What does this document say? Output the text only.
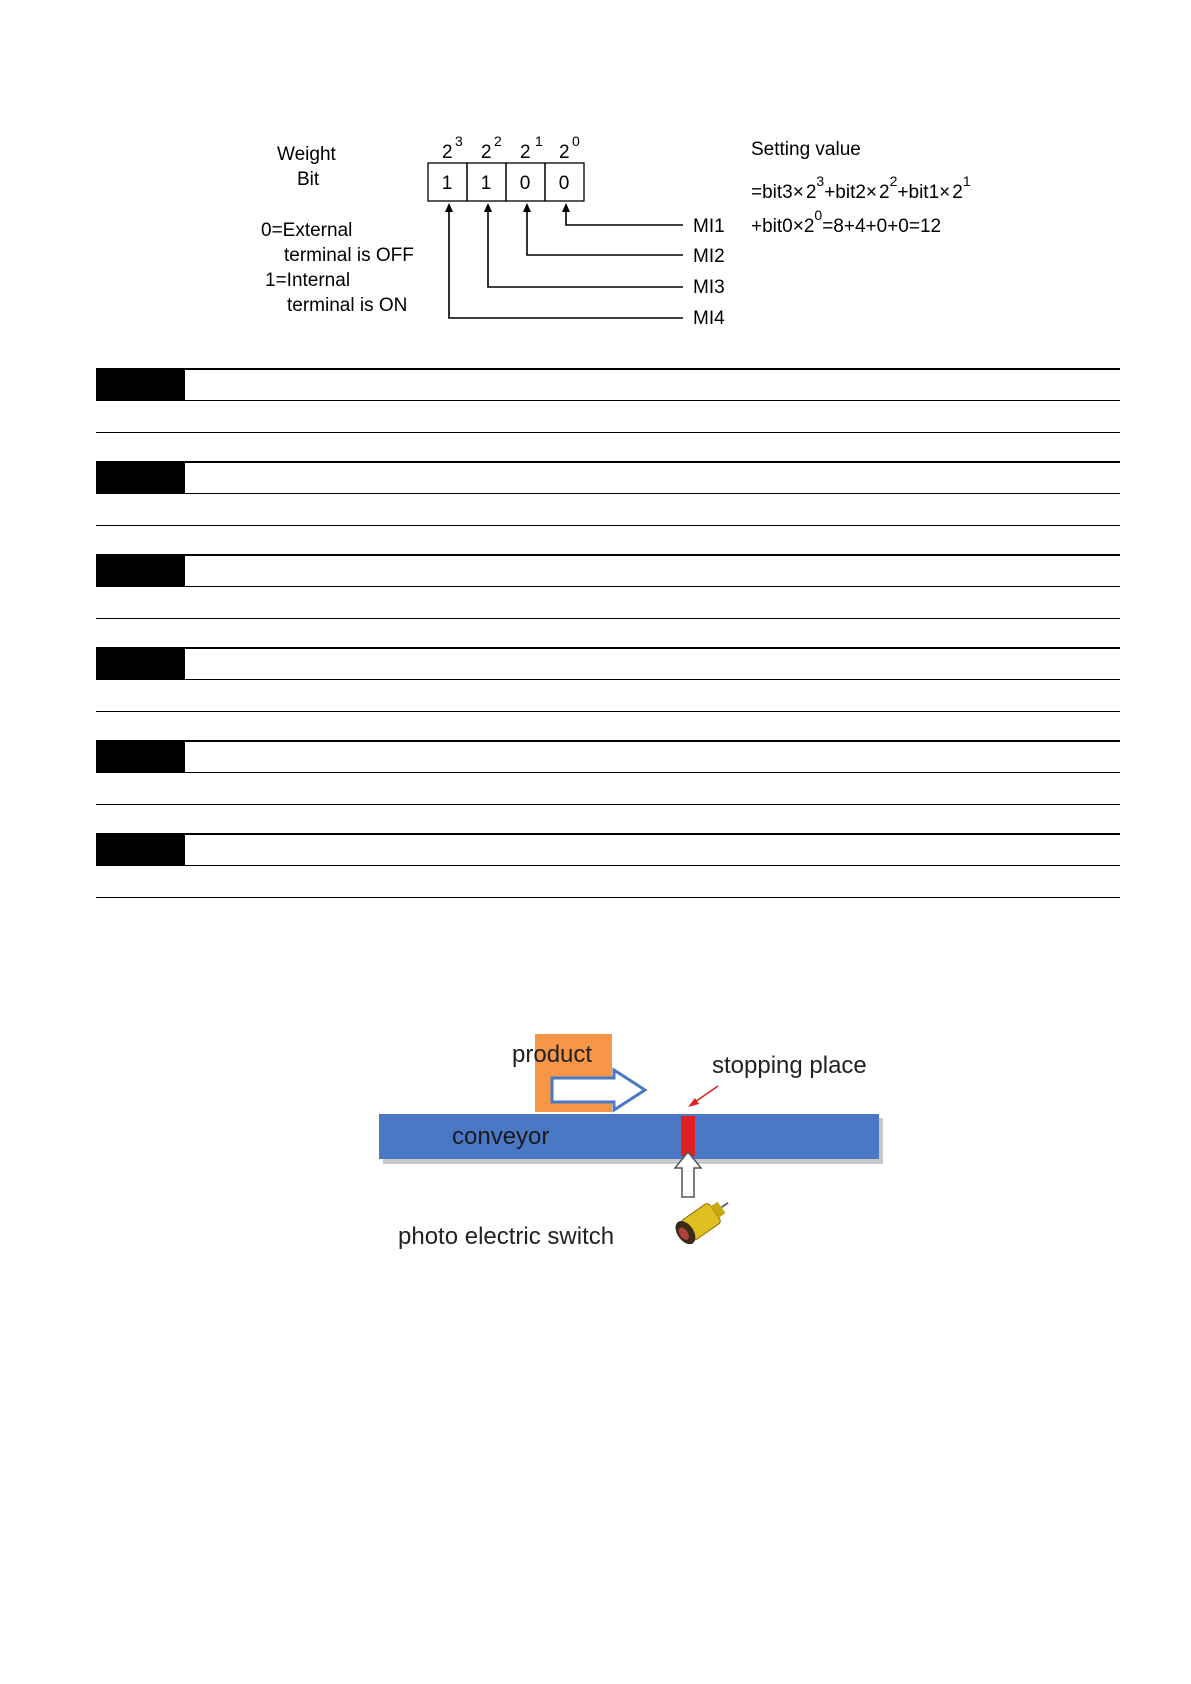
Weight
Bit
2
3
2
2
2
1
2
0
1 1 0 0
0=External
terminal is OFF
1=Internal
terminal is ON
MI1
MI2
MI3
MI4
Setting value
$=bit3\times 2^3+bit2\times 2^2+bit1\times 2^1$
$+bit0\times 2^0=8+4+0+0=12$
product	stopping place
conveyor
photo electric switch
